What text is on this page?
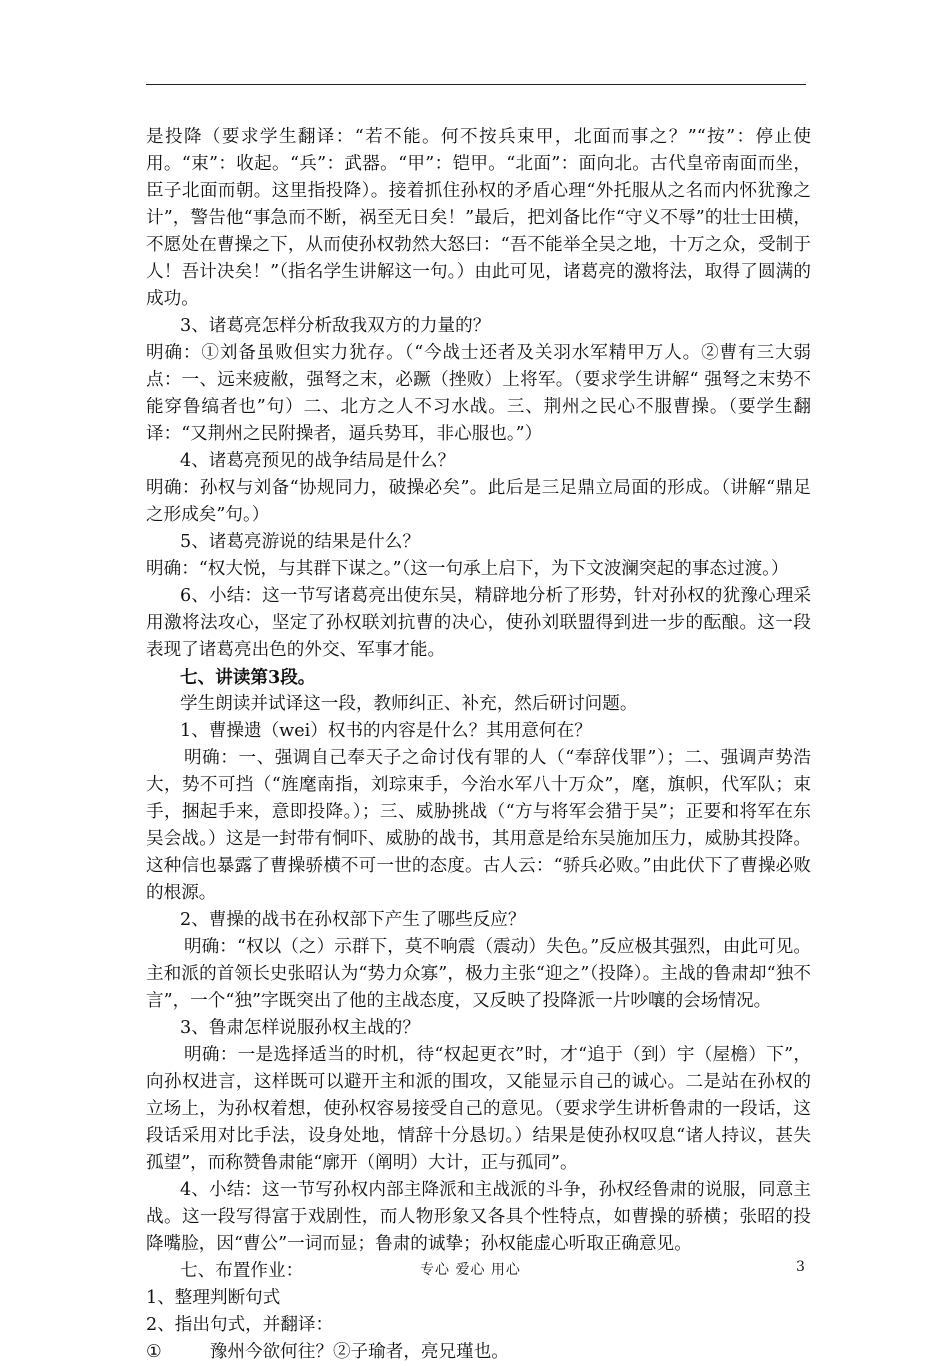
是投降（要求学生翻译：“若不能。何不按兵束甲，北面而事之？”“按”：停止使用。“束”：收起。“兵”：武器。“甲”：铠甲。“北面”：面向北。古代皇帝南面而坐，臣子北面而朝。这里指投降）。接着抓住孙权的矛盾心理“外托服从之名而内怀犹豫之计”，警告他“事急而不断，祸至无日矣！”最后，把刘备比作“守义不辱”的壮士田横，不愿处在曹操之下，从而使孙权勃然大怒曰：“吾不能举全吴之地，十万之众，受制于人！吾计决矣！”（指名学生讲解这一句。）由此可见，诸葛亮的激将法，取得了圆满的成功。

3、诸葛亮怎样分析敌我双方的力量的？

明确：①刘备虽败但实力犹存。（“今战士还者及关羽水军精甲万人。②曹有三大弱点：一、远来疲敝，强弩之末，必蹶（挫败）上将军。（要求学生讲解“ 强弩之末势不能穿鲁缟者也”句）二、北方之人不习水战。三、荆州之民心不服曹操。（要学生翻译：“又荆州之民附操者，逼兵势耳，非心服也。”）

4、诸葛亮预见的战争结局是什么？

明确：孙权与刘备“协规同力，破操必矣”。此后是三足鼎立局面的形成。（讲解“鼎足之形成矣”句。）

5、诸葛亮游说的结果是什么？

明确：“权大悦，与其群下谋之。”（这一句承上启下，为下文波澜突起的事态过渡。）

6、小结：这一节写诸葛亮出使东吴，精辟地分析了形势，针对孙权的犹豫心理采用激将法攻心，坚定了孙权联刘抗曹的决心，使孙刘联盟得到进一步的酝酿。这一段表现了诸葛亮出色的外交、军事才能。

七、讲读第3段。

学生朗读并试译这一段，教师纠正、补充，然后研讨问题。

1、曹操遗（wei）权书的内容是什么？其用意何在？

明确：一、强调自己奉天子之命讨伐有罪的人（“奉辞伐罪”）；二、强调声势浩大，势不可挡（“旌麾南指，刘琮束手，今治水军八十万众”，麾，旗帜，代军队；束手，捆起手来，意即投降。）；三、威胁挑战（“方与将军会猎于吴”；正要和将军在东吴会战。）这是一封带有恫吓、威胁的战书，其用意是给东吴施加压力，威胁其投降。这种信也暴露了曹操骄横不可一世的态度。古人云：“骄兵必败。”由此伏下了曹操必败的根源。

2、曹操的战书在孙权部下产生了哪些反应？

明确：“权以（之）示群下，莫不响震（震动）失色。”反应极其强烈，由此可见。主和派的首领长史张昭认为“势力众寡”，极力主张“迎之”（投降）。主战的鲁肃却“独不言”，一个“独”字既突出了他的主战态度，又反映了投降派一片吵嚷的会场情况。

3、鲁肃怎样说服孙权主战的？

明确：一是选择适当的时机，待“权起更衣”时，才“追于（到）宇（屋檐）下”，向孙权进言，这样既可以避开主和派的围攻，又能显示自己的诚心。二是站在孙权的立场上，为孙权着想，使孙权容易接受自己的意见。（要求学生讲析鲁肃的一段话，这段话采用对比手法，设身处地，情辞十分恳切。）结果是使孙权叹息“诸人持议，甚失孤望”，而称赞鲁肃能“廓开（阐明）大计，正与孤同”。

4、小结：这一节写孙权内部主降派和主战派的斗争，孙权经鲁肃的说服，同意主战。这一段写得富于戏剧性，而人物形象又各具个性特点，如曹操的骄横；张昭的投降嘴脸，因“曹公”一词而显；鲁肃的诚挚；孙权能虚心听取正确意见。

七、布置作业：

1、整理判断句式

2、指出句式，并翻译：

①	豫州今欲何往？②子瑜者，亮兄瑾也。

专心 爱心 用心	3
